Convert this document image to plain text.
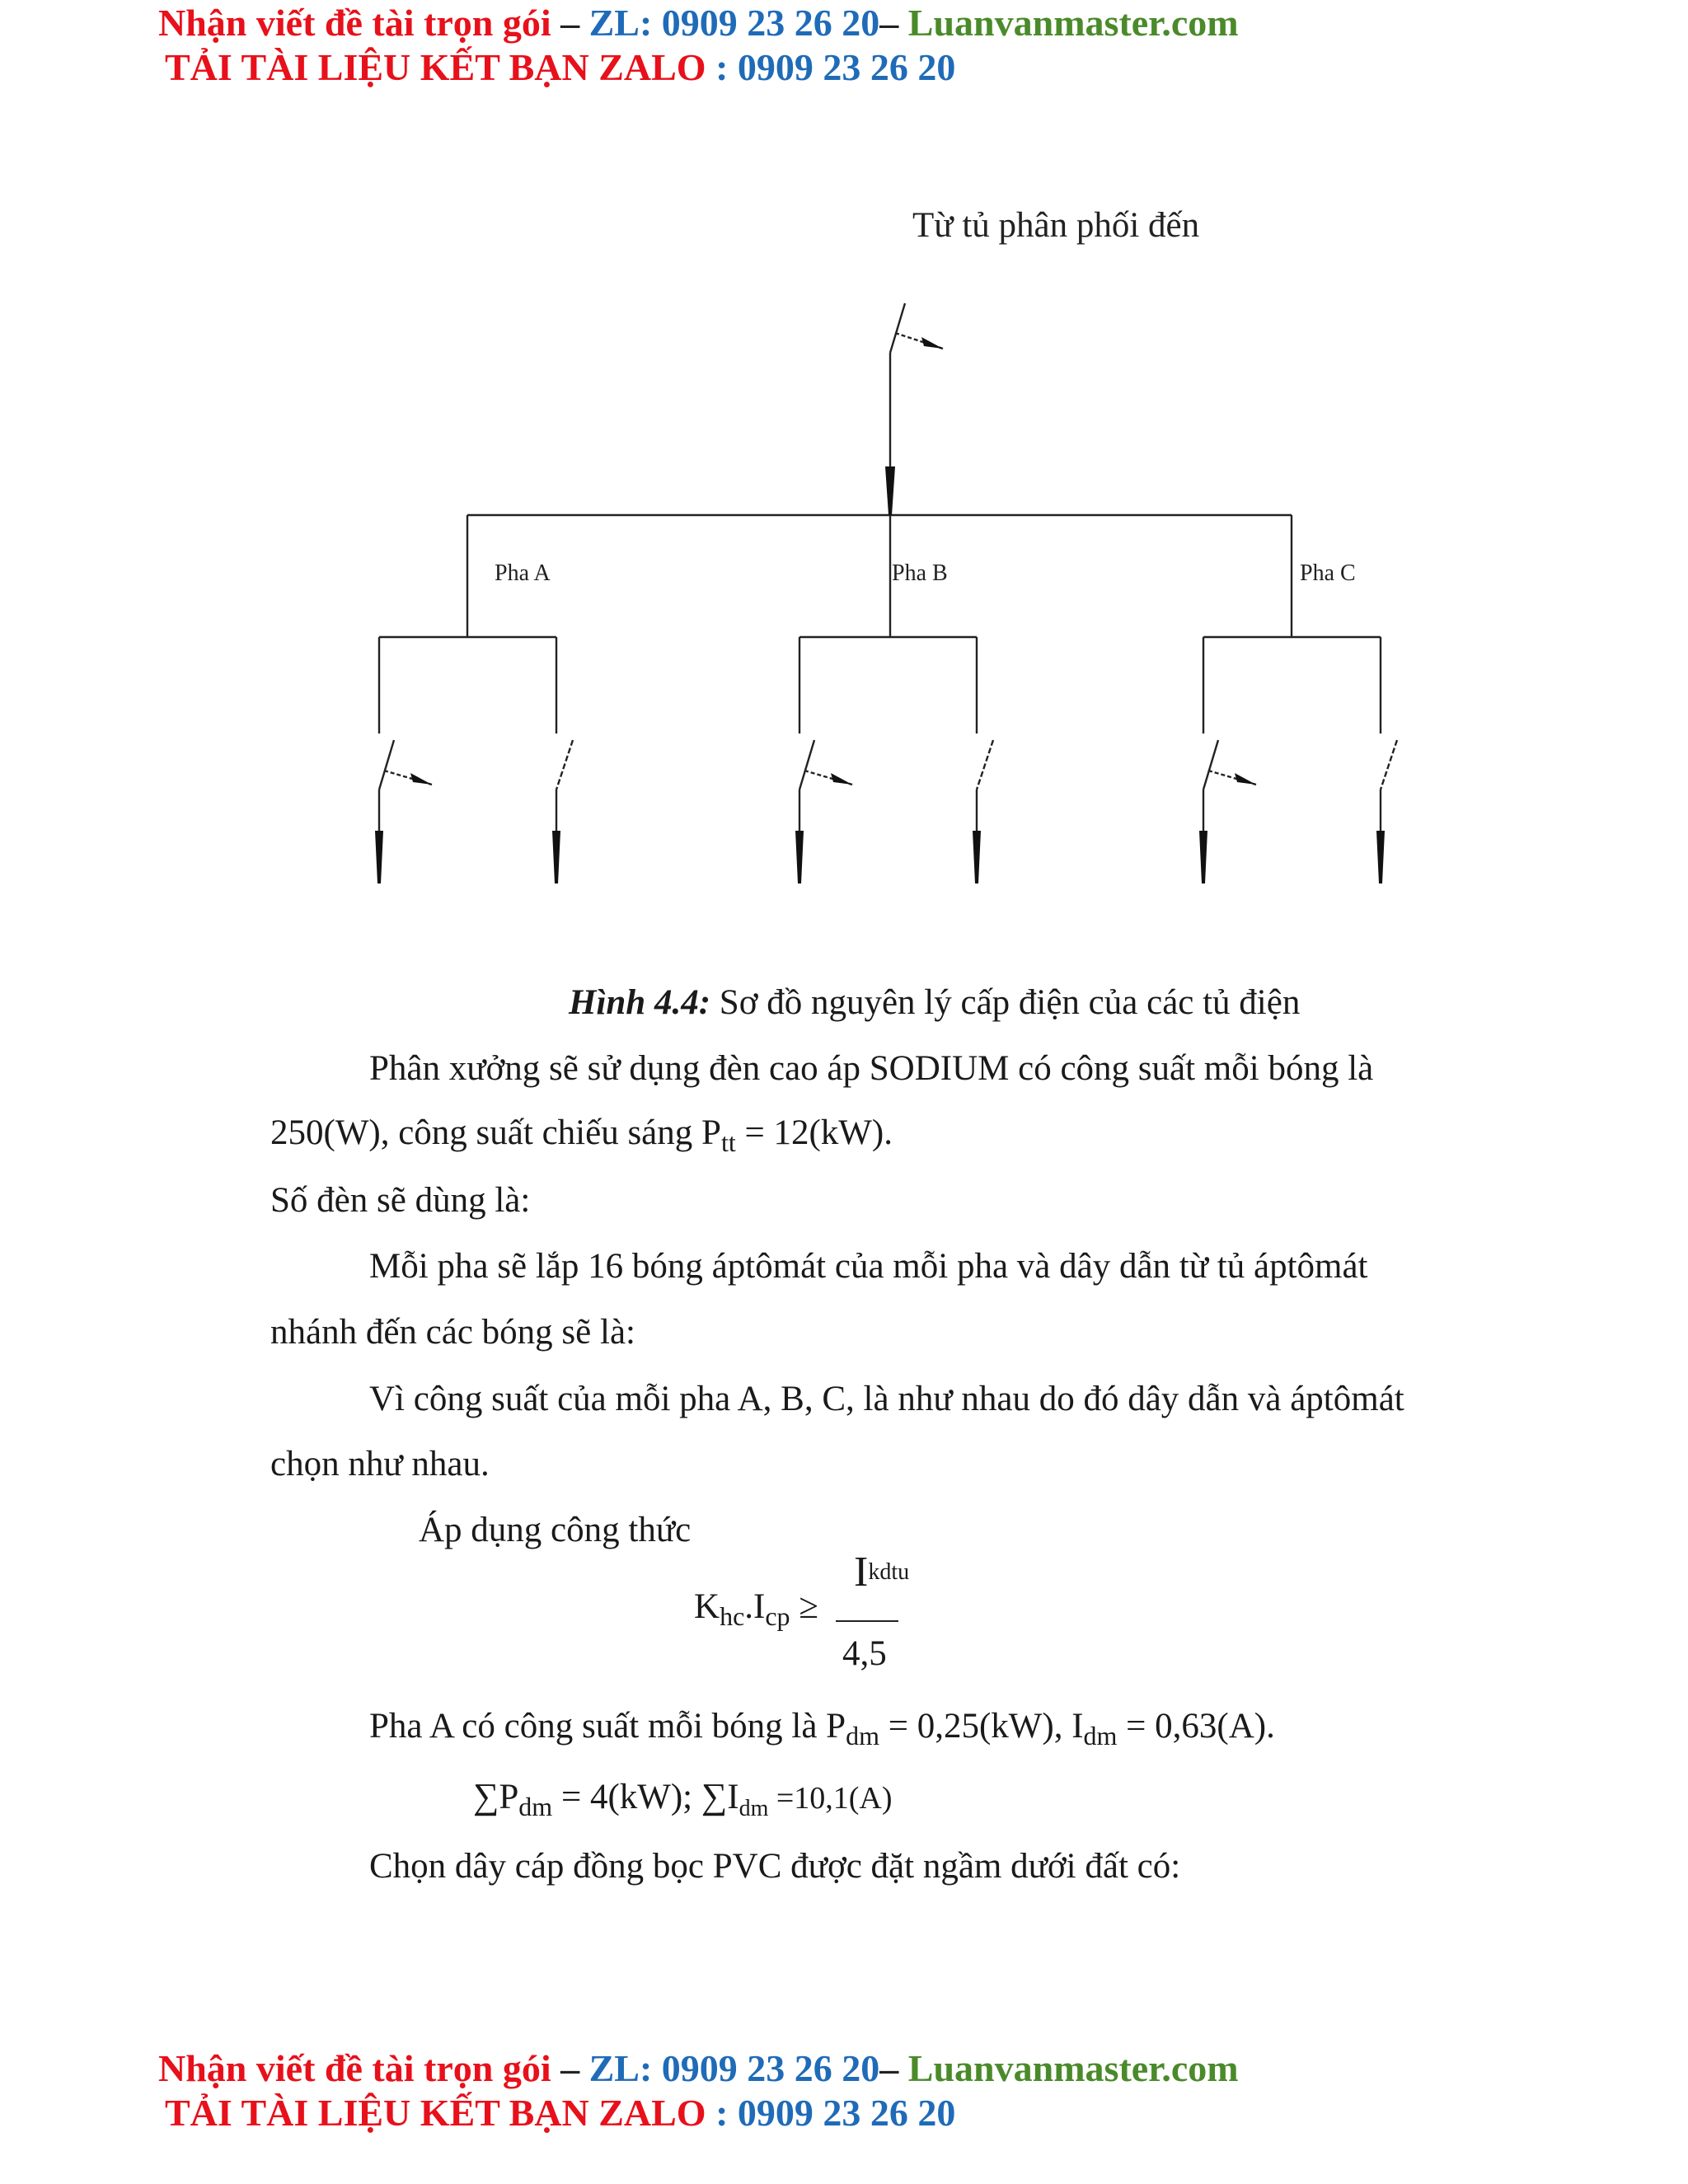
Nhận viết đề tài trọn gói – ZL: 0909 23 26 20– Luanvanmaster.com
TẢI TÀI LIỆU KẾT BẠN ZALO : 0909 23 26 20
Từ tủ phân phối đến
Pha A	Pha B	Pha C
Hình 4.4: Sơ đồ nguyên lý cấp điện của các tủ điện
Phân xưởng sẽ sử dụng đèn cao áp SODIUM có công suất mỗi bóng là
250(W), công suất chiếu sáng $P_{tt} = 12(kW)$.
Số đèn sẽ dùng là:
Mỗi pha sẽ lắp 16 bóng áptômát của mỗi pha và dây dẫn từ tủ áptômát
nhánh đến các bóng sẽ là:
Vì công suất của mỗi pha A, B, C, là như nhau do đó dây dẫn và áptômát
chọn như nhau.
Áp dụng công thức
$K_{hc}.I_{cp}$ ≥
$I_{kdtu}$
4,5
Pha A có công suất mỗi bóng là $P_{dm} = 0,25(kW)$, $I_{dm} = 0,63(A)$.
$\sum P_{dm} = 4(kW)$; $\sum I_{dm} =10,1(A)$
Chọn dây cáp đồng bọc PVC được đặt ngầm dưới đất có:
Nhận viết đề tài trọn gói – ZL: 0909 23 26 20– Luanvanmaster.com
TẢI TÀI LIỆU KẾT BẠN ZALO : 0909 23 26 20
